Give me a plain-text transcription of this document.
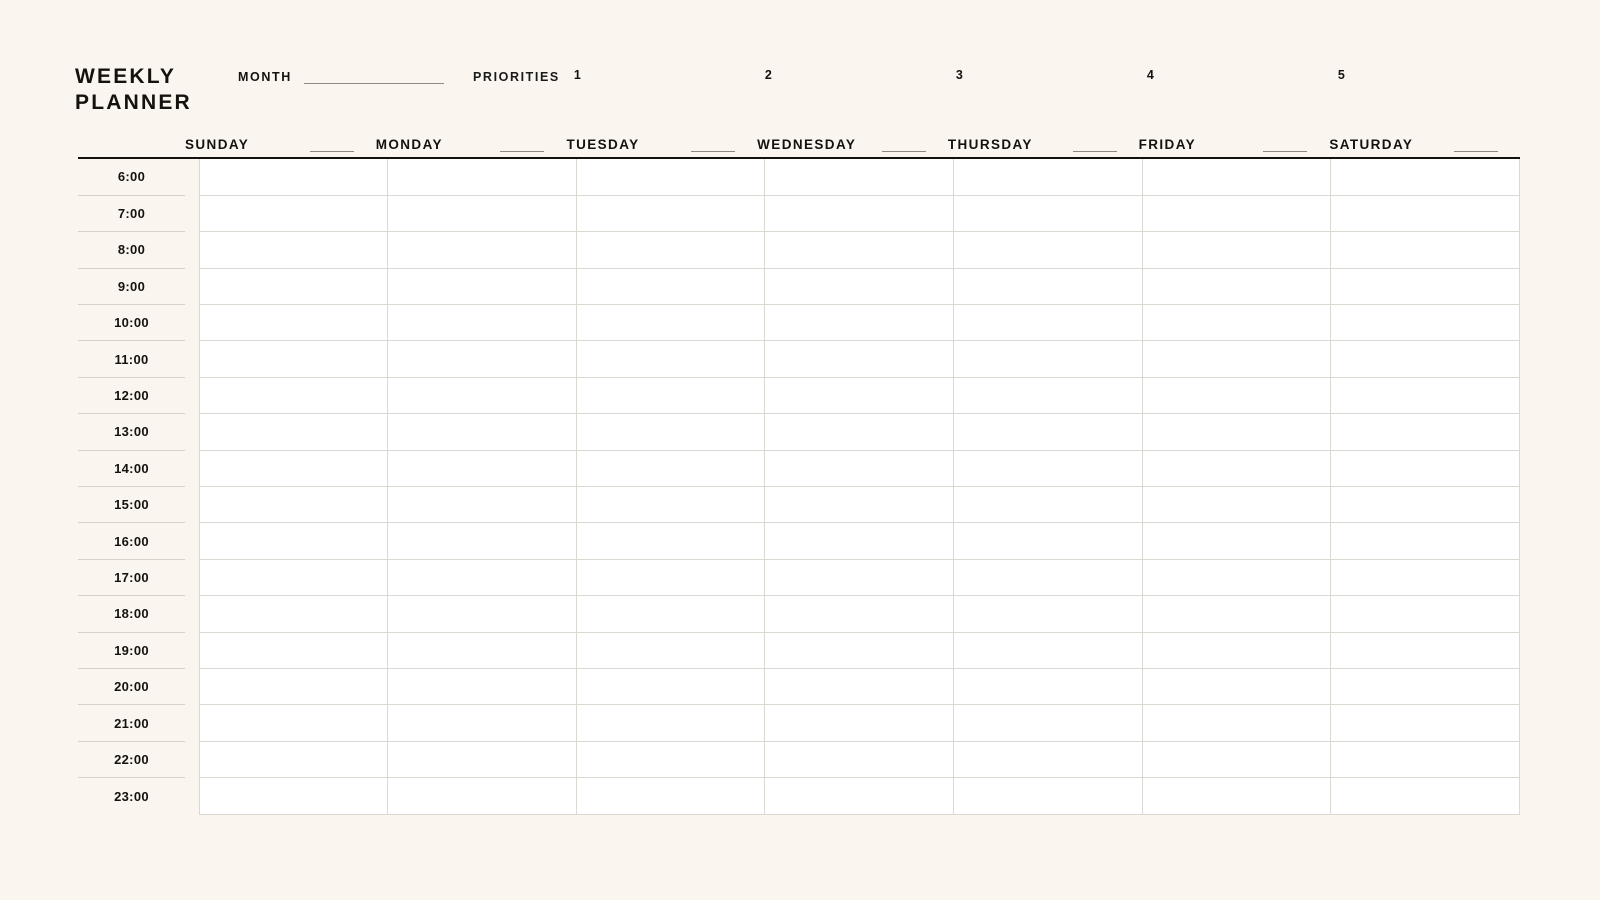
WEEKLY
PLANNER
MONTH	PRIORITIES 1	2	3	4	5
SUNDAY	MONDAY	TUESDAY	WEDNESDAY	THURSDAY	FRIDAY	SATURDAY
6:00								
7:00								
8:00								
9:00								
10:00								
11:00								
12:00								
13:00								
14:00								
15:00								
16:00								
17:00								
18:00								
19:00								
20:00								
21:00								
22:00								
23:00								
